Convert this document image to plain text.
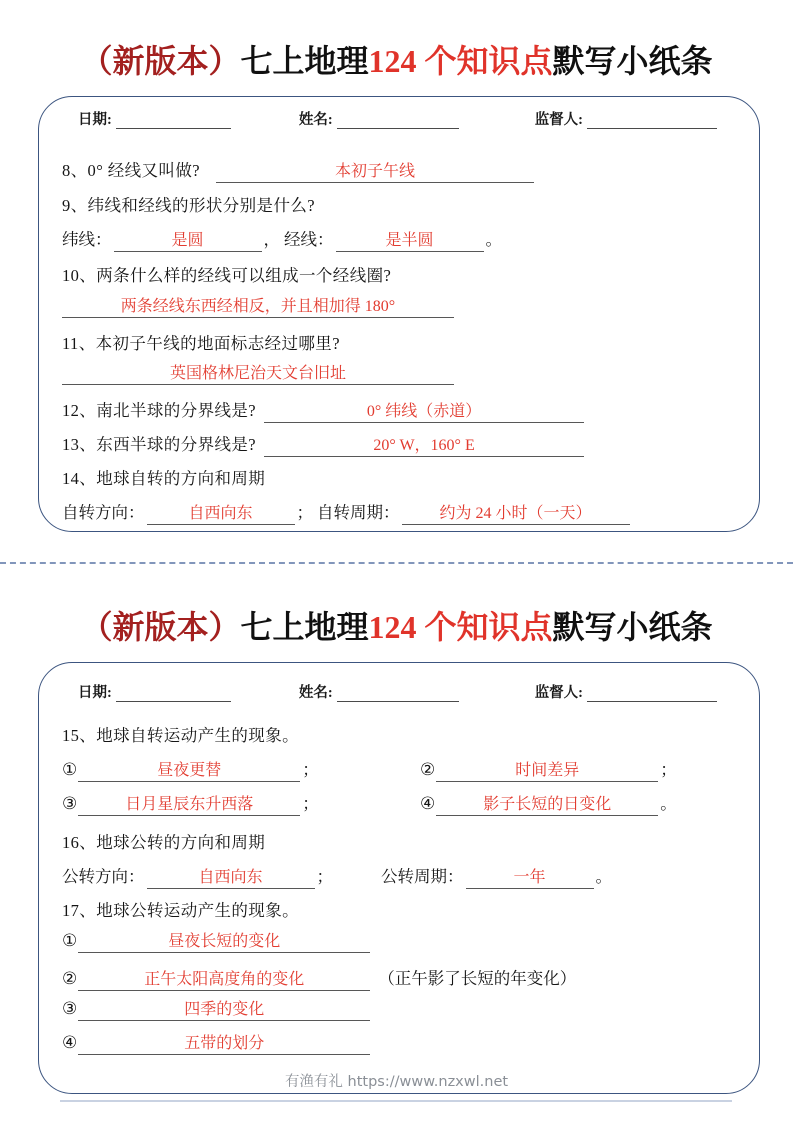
（新版本）七上地理124 个知识点默写小纸条
日期:	姓名:	监督人:
8、0° 经线又叫做?	本初子午线
9、纬线和经线的形状分别是什么?
纬线：	是圆	， 经线：	是半圆	。
10、两条什么样的经线可以组成一个经线圈?
两条经线东西经相反，并且相加得 180°
11、本初子午线的地面标志经过哪里?
英国格林尼治天文台旧址
12、南北半球的分界线是?	0° 纬线（赤道）
13、东西半球的分界线是?	20° W，160° E
14、地球自转的方向和周期
自转方向：	自西向东	； 自转周期：	约为 24 小时（一天）
（新版本）七上地理124 个知识点默写小纸条
日期:	姓名:	监督人:
15、地球自转运动产生的现象。
①	昼夜更替	；	②	时间差异	；
③	日月星辰东升西落	；	④	影子长短的日变化	。
16、地球公转的方向和周期
公转方向：	自西向东	；	公转周期：	一年	。
17、地球公转运动产生的现象。
①	昼夜长短的变化
②	正午太阳高度角的变化	（正午影了长短的年变化）
③	四季的变化
④	五带的划分
有渔有礼 https://www.nzxwl.net
